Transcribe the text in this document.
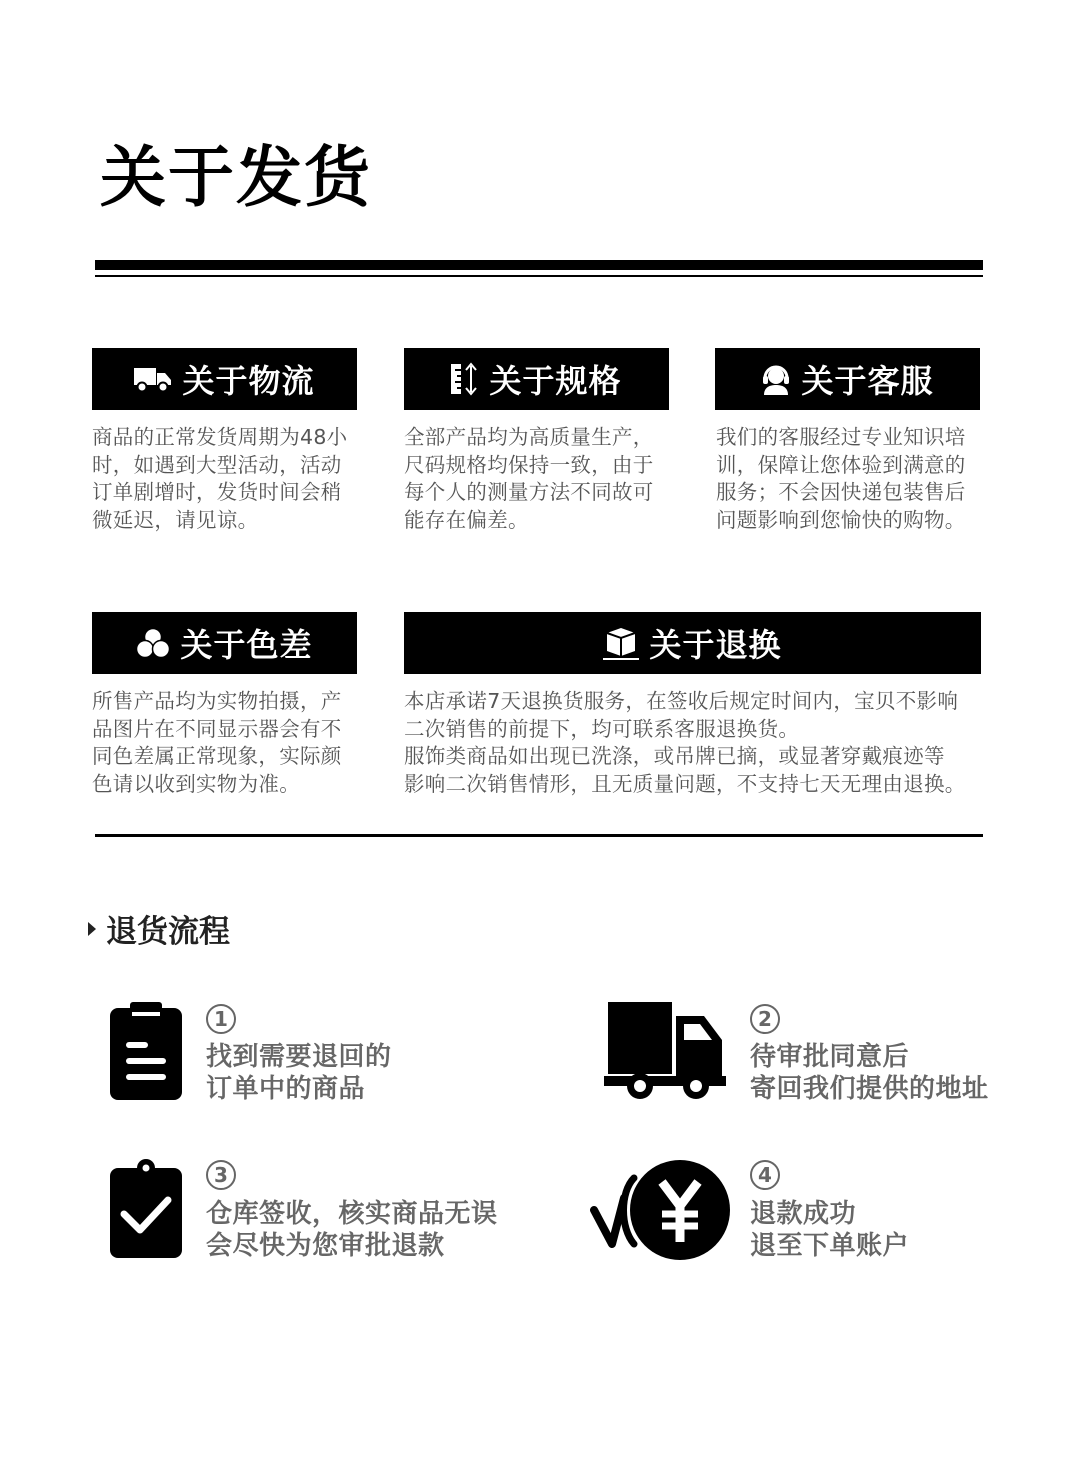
关于发货
关于物流

商品的正常发货周期为48小

时，如遇到大型活动，活动

订单剧增时，发货时间会稍

微延迟，请见谅。

关于规格

全部产品均为高质量生产，

尺码规格均保持一致，由于

每个人的测量方法不同故可

能存在偏差。

关于客服

我们的客服经过专业知识培

训，保障让您体验到满意的

服务；不会因快递包装售后

问题影响到您愉快的购物。

关于色差

所售产品均为实物拍摄，产

品图片在不同显示器会有不

同色差属正常现象，实际颜

色请以收到实物为准。

关于退换

本店承诺7天退换货服务，在签收后规定时间内，宝贝不影响

二次销售的前提下，均可联系客服退换货。

服饰类商品如出现已洗涤，或吊牌已摘，或显著穿戴痕迹等

影响二次销售情形，且无质量问题，不支持七天无理由退换。

退货流程
1
找到需要退回的
订单中的商品
2
待审批同意后
寄回我们提供的地址
3
仓库签收，核实商品无误
会尽快为您审批退款
4
退款成功
退至下单账户
